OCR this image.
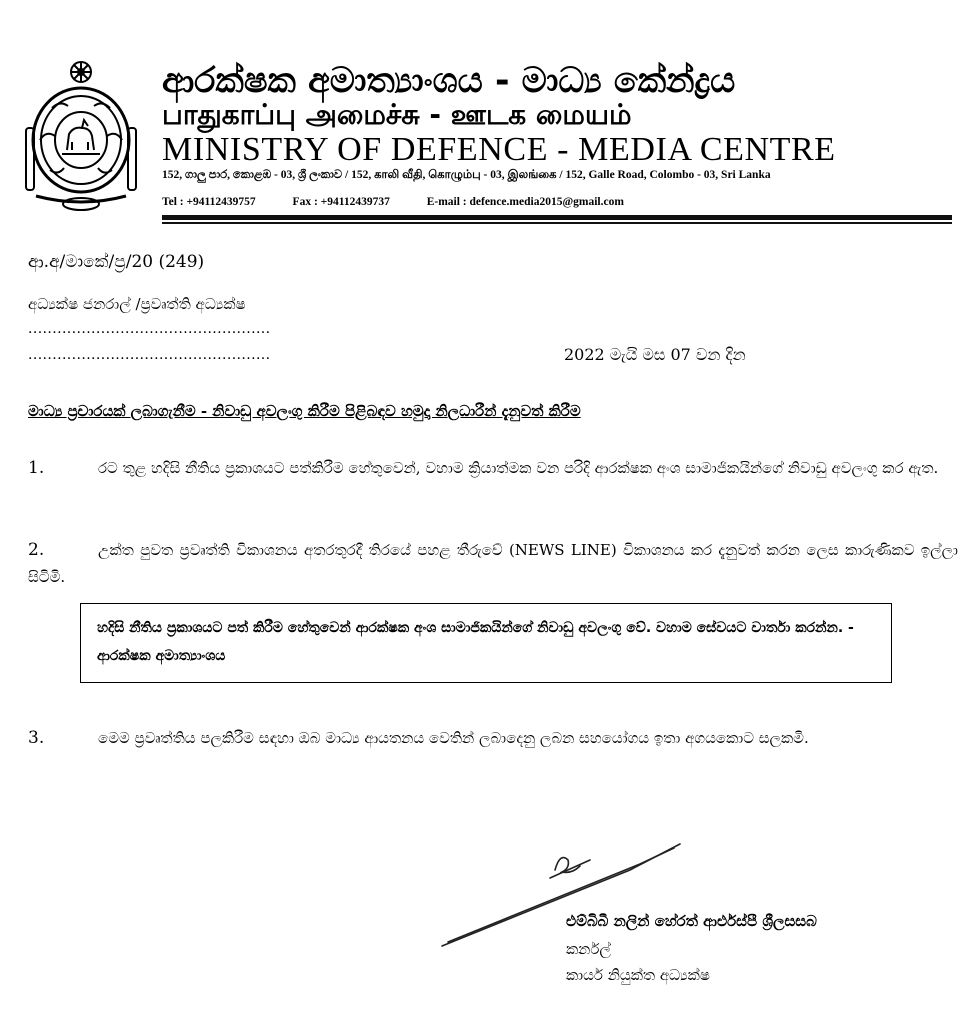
ආරක්ෂක අමාත්‍යාංශය - මාධ්‍ය කේන්ද්‍රය
பாதுகாப்பு அமைச்சு - ஊடக மையம்
MINISTRY OF DEFENCE - MEDIA CENTRE
152, ගාලු පාර, කොළඹ - 03, ශ්‍රී ලංකාව / 152, காலி வீதி, கொழும்பு - 03, இலங்கை / 152, Galle Road, Colombo - 03, Sri Lanka
Tel : +94112439757	Fax : +94112439737	E-mail : defence.media2015@gmail.com
ආ.අ/මාකේ/ප්‍ර/20 (249)
අධ්‍යක්ෂ ජනරාල් /ප්‍රවෘත්ති අධ්‍යක්ෂ
..................................................
..................................................	2022 මැයි මස 07 වන දින
මාධ්‍ය ප්‍රචාරයක් ලබාගැනීම - නිවාඩු අවලංගු කිරීම පිළිබඳව හමුදා නිලධාරීන් දැනුවත් කිරීම
1.	රට තුළ හදිසි නීතිය ප්‍රකාශයට පත්කිරීම හේතුවෙන්, වහාම ක්‍රියාත්මක වන පරිදි ආරක්ෂක අංශ සාමාජිකයින්ගේ නිවාඩු අවලංගු කර ඇත.
2.	උක්ත පුවත ප්‍රවෘත්ති විකාශනය අතරතුරදී තිරයේ පහළ තීරුවේ (NEWS LINE) විකාශනය කර දැනුවත් කරන ලෙස කාරුණිකව ඉල්ලා සිටිමි.
හදිසි නීතිය ප්‍රකාශයට පත් කිරීම හේතුවෙන් ආරක්ෂක අංශ සාමාජිකයින්ගේ නිවාඩු අවලංගු වේ. වහාම සේවයට වාර්තා කරන්න. - ආරක්ෂක අමාත්‍යාංශය
3.	මෙම ප්‍රවෘත්තිය පලකිරීම සඳහා ඔබ මාධ්‍ය ආයතනය වෙතින් ලබාදෙනු ලබන සහයෝගය ඉතා අගයකොට සලකමි.
එම්බිබී නලින් හේරත් ආර්එස්පී ශ්‍රීලසසබ
කර්නල්
කාර්ය නියුක්ත අධ්‍යක්ෂ
